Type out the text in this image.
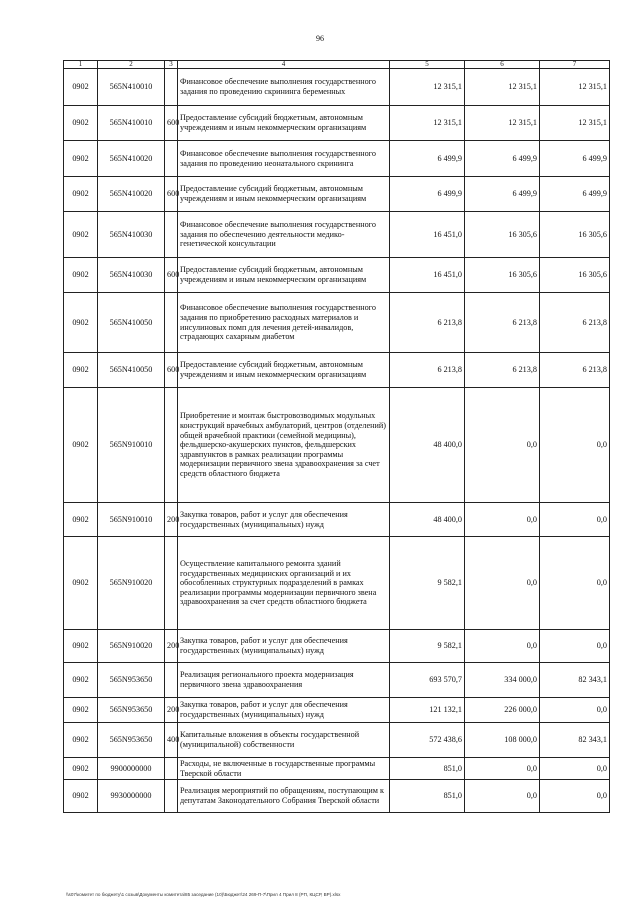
96
1	2	3	4	5	6	7
0902	565N410010		Финансовое обеспечение выполнения государственного задания по проведению скрининга беременных	12 315,1	12 315,1	12 315,1
0902	565N410010	600	Предоставление субсидий бюджетным, автономным учреждениям и иным некоммерческим организациям	12 315,1	12 315,1	12 315,1
0902	565N410020		Финансовое обеспечение выполнения государственного задания по проведению неонатального скрининга	6 499,9	6 499,9	6 499,9
0902	565N410020	600	Предоставление субсидий бюджетным, автономным учреждениям и иным некоммерческим организациям	6 499,9	6 499,9	6 499,9
0902	565N410030		Финансовое обеспечение выполнения государственного задания по обеспечению деятельности медико-генетической консультации	16 451,0	16 305,6	16 305,6
0902	565N410030	600	Предоставление субсидий бюджетным, автономным учреждениям и иным некоммерческим организациям	16 451,0	16 305,6	16 305,6
0902	565N410050		Финансовое обеспечение выполнения государственного задания по приобретению расходных материалов и инсулиновых помп для лечения детей-инвалидов, страдающих сахарным диабетом	6 213,8	6 213,8	6 213,8
0902	565N410050	600	Предоставление субсидий бюджетным, автономным учреждениям и иным некоммерческим организациям	6 213,8	6 213,8	6 213,8
0902	565N910010		Приобретение и монтаж быстровозводимых модульных конструкций врачебных амбулаторий, центров (отделений) общей врачебной практики (семейной медицины), фельдшерско-акушерских пунктов, фельдшерских здравпунктов в рамках реализации программы модернизации первичного звена здравоохранения за счет средств областного бюджета	48 400,0	0,0	0,0
0902	565N910010	200	Закупка товаров, работ и услуг для обеспечения государственных (муниципальных) нужд	48 400,0	0,0	0,0
0902	565N910020		Осуществление капитального ремонта зданий государственных медицинских организаций и их обособленных структурных подразделений в рамках реализации программы модернизации первичного звена здравоохранения за счет средств областного бюджета	9 582,1	0,0	0,0
0902	565N910020	200	Закупка товаров, работ и услуг для обеспечения государственных (муниципальных) нужд	9 582,1	0,0	0,0
0902	565N953650		Реализация регионального проекта модернизация первичного звена здравоохранения	693 570,7	334 000,0	82 343,1
0902	565N953650	200	Закупка товаров, работ и услуг для обеспечения государственных (муниципальных) нужд	121 132,1	226 000,0	0,0
0902	565N953650	400	Капитальные вложения в объекты государственной (муниципальной) собственности	572 438,6	108 000,0	82 343,1
0902	9900000000		Расходы, не включенные в государственные программы Тверской области	851,0	0,0	0,0
0902	9930000000		Реализация мероприятий по обращениям, поступающим к депутатам Законодательного Собрания Тверской области	851,0	0,0	0,0
\\s07\комитет по бюджету\1 созыв\Документы комитета\85 заседание (10)\Бюджет\24 269-П-7\Прил 4 Прил 8 (РП, КЦСР, ВР).xlsx
